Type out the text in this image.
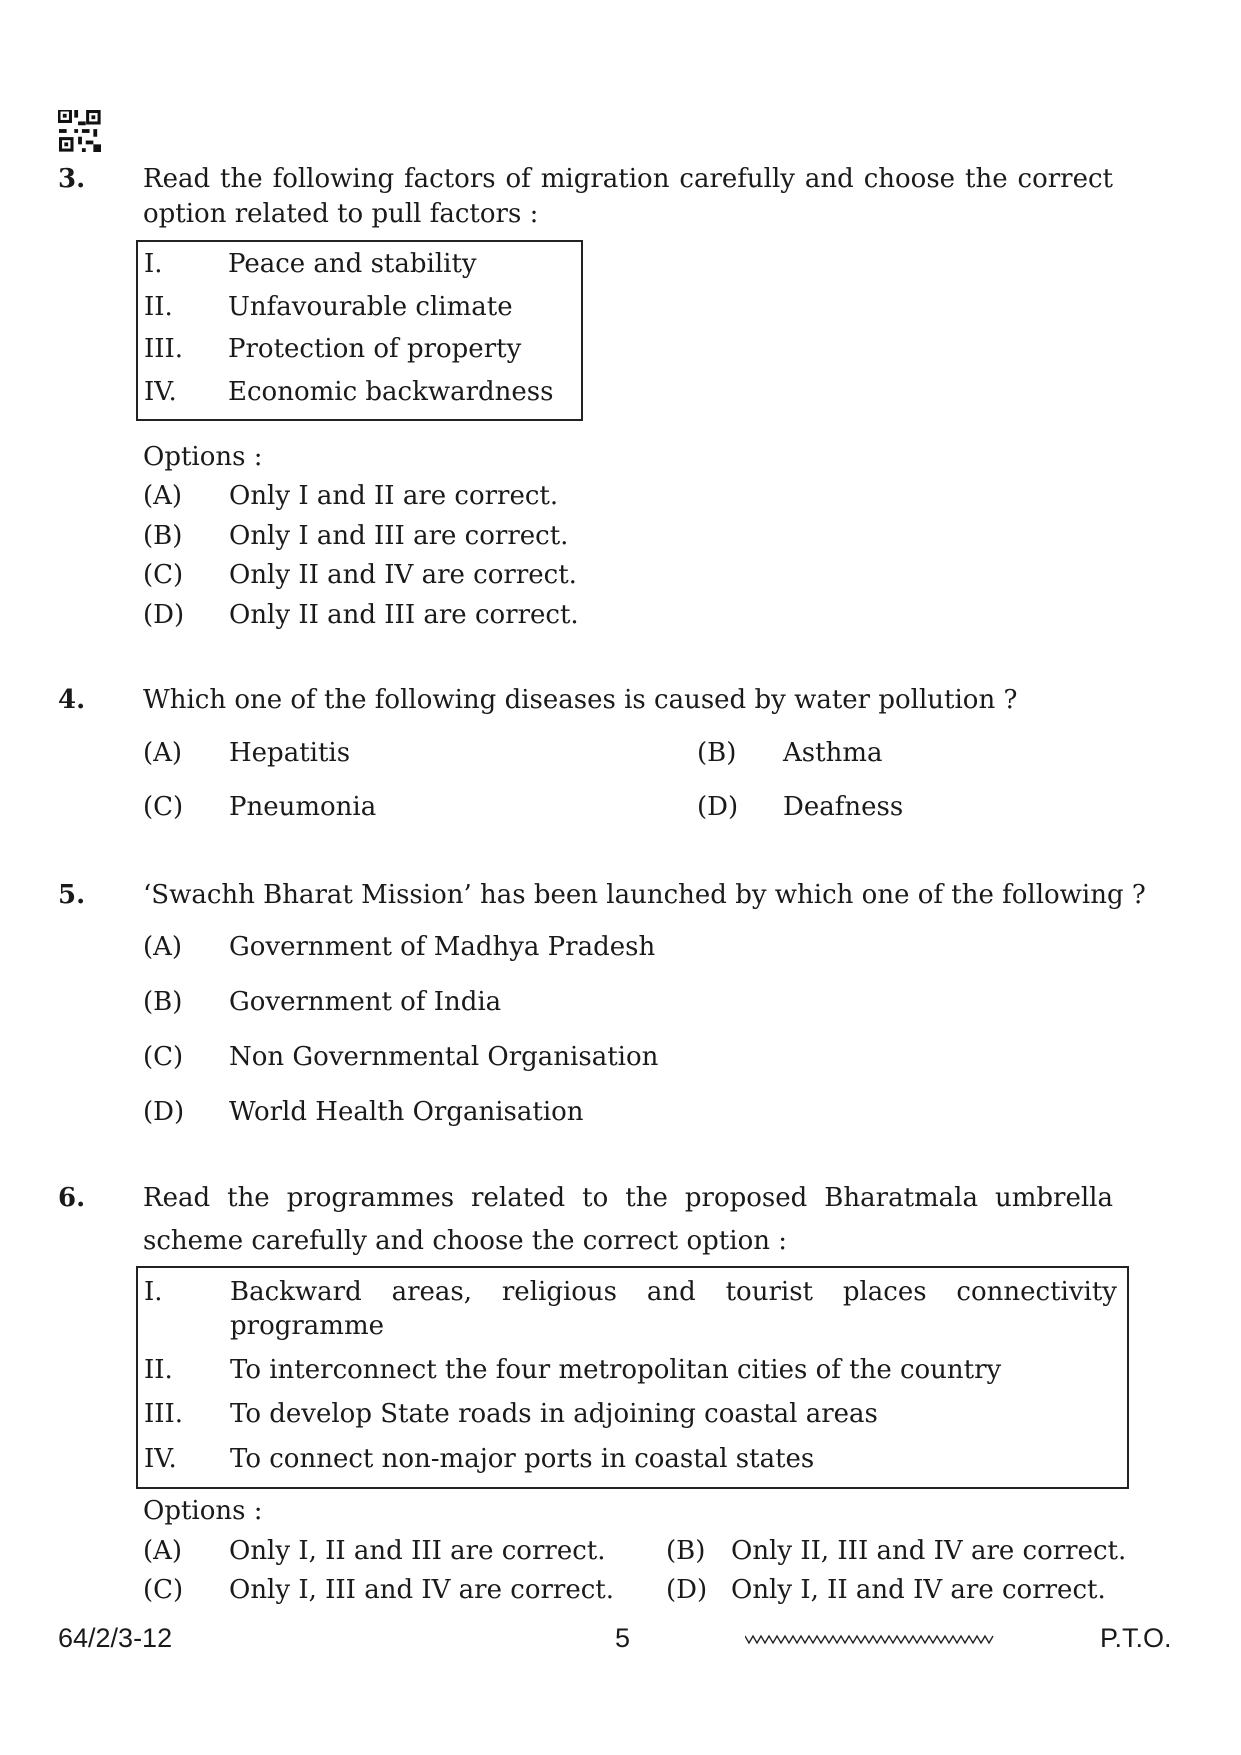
3. Read the following factors of migration carefully and choose the correct
option related to pull factors :
I.	Peace and stability
II. Unfavourable climate
III. Protection of property
IV. Economic backwardness
Options :
(A) Only I and II are correct.
(B) Only I and III are correct.
(C) Only II and IV are correct.
(D) Only II and III are correct.
4. Which one of the following diseases is caused by water pollution ?
(A) Hepatitis	(B) Asthma
(C) Pneumonia	(D) Deafness
5. ‘Swachh Bharat Mission’ has been launched by which one of the following ?
(A) Government of Madhya Pradesh
(B) Government of India
(C) Non Governmental Organisation
(D) World Health Organisation
6. Read the programmes related to the proposed Bharatmala umbrella
scheme carefully and choose the correct option :
I.	Backward areas, religious and tourist places connectivity
programme
II. To interconnect the four metropolitan cities of the country
III. To develop State roads in adjoining coastal areas
IV. To connect non-major ports in coastal states
Options :
(A) Only I, II and III are correct. (B) Only II, III and IV are correct.
(C) Only I, III and IV are correct. (D) Only I, II and IV are correct.
64/2/3-12	5	P.T.O.
